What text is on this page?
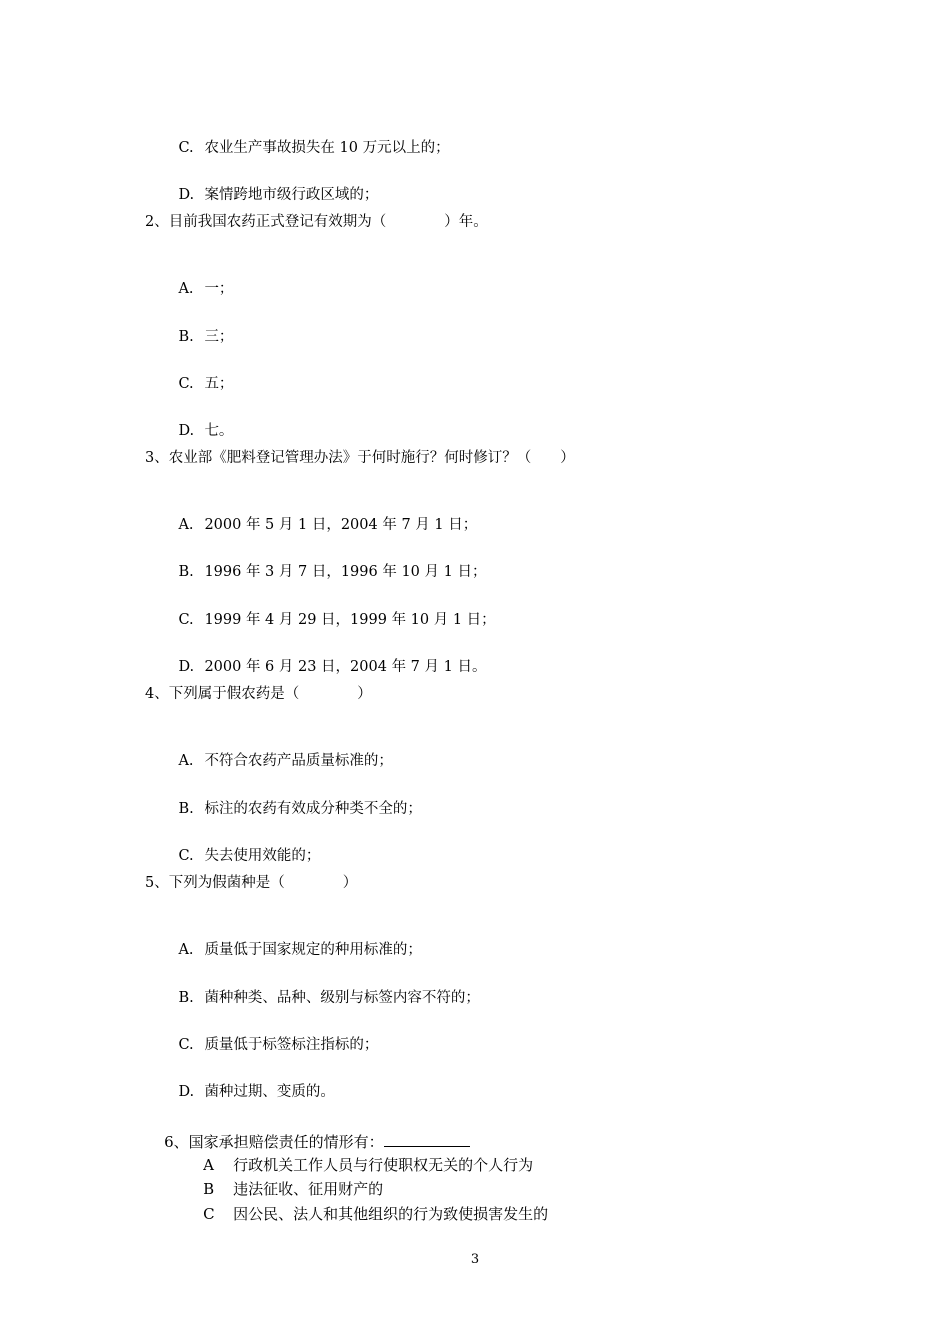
C. 农业生产事故损失在 10 万元以上的；

D. 案情跨地市级行政区域的；

2、目前我国农药正式登记有效期为（　　　　）年。

A. 一；

B. 三；

C. 五；

D. 七。

3、农业部《肥料登记管理办法》于何时施行？何时修订？（　　）

A. 2000 年 5 月 1 日，2004 年 7 月 1 日；

B. 1996 年 3 月 7 日，1996 年 10 月 1 日；

C. 1999 年 4 月 29 日，1999 年 10 月 1 日；

D. 2000 年 6 月 23 日，2004 年 7 月 1 日。

4、下列属于假农药是（　　　　）

A. 不符合农药产品质量标准的；

B. 标注的农药有效成分种类不全的；

C. 失去使用效能的；

5、下列为假菌种是（　　　　）

A. 质量低于国家规定的种用标准的；

B. 菌种种类、品种、级别与标签内容不符的；

C. 质量低于标签标注指标的；

D. 菌种过期、变质的。

6、国家承担赔偿责任的情形有：

A 行政机关工作人员与行使职权无关的个人行为

B 违法征收、征用财产的

C 因公民、法人和其他组织的行为致使损害发生的

3
